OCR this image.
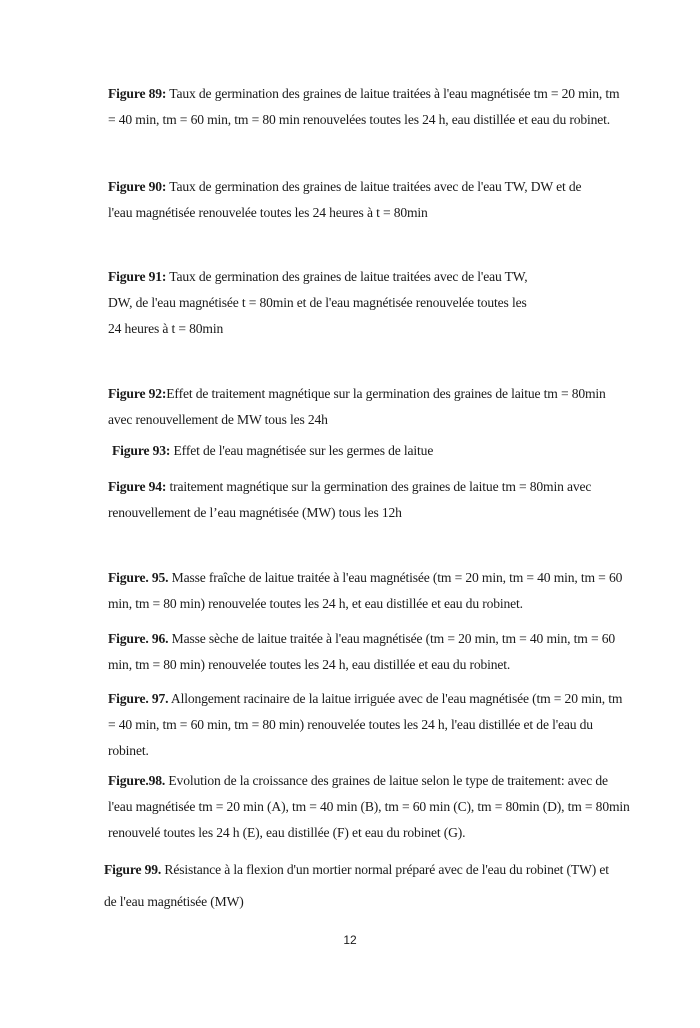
Figure 89: Taux de germination des graines de laitue traitées à l'eau magnétisée tm = 20 min, tm
= 40 min, tm = 60 min, tm = 80 min renouvelées toutes les 24 h, eau distillée et eau du robinet.

Figure 90: Taux de germination des graines de laitue traitées avec de l'eau TW, DW et de
l'eau magnétisée renouvelée toutes les 24 heures à t = 80min

Figure 91: Taux de germination des graines de laitue traitées avec de l'eau TW,
DW, de l'eau magnétisée t = 80min et de l'eau magnétisée renouvelée toutes les
24 heures à t = 80min

Figure 92:Effet de traitement magnétique sur la germination des graines de laitue tm = 80min
avec renouvellement de MW tous les 24h

Figure 93: Effet de l'eau magnétisée sur les germes de laitue

Figure 94: traitement magnétique sur la germination des graines de laitue tm = 80min avec
renouvellement de l’eau magnétisée (MW) tous les 12h

Figure. 95. Masse fraîche de laitue traitée à l'eau magnétisée (tm = 20 min, tm = 40 min, tm = 60
min, tm = 80 min) renouvelée toutes les 24 h, et eau distillée et eau du robinet.

Figure. 96. Masse sèche de laitue traitée à l'eau magnétisée (tm = 20 min, tm = 40 min, tm = 60
min, tm = 80 min) renouvelée toutes les 24 h, eau distillée et eau du robinet.

Figure. 97. Allongement racinaire de la laitue irriguée avec de l'eau magnétisée (tm = 20 min, tm
= 40 min, tm = 60 min, tm = 80 min) renouvelée toutes les 24 h, l'eau distillée et de l'eau du
robinet.

Figure.98. Evolution de la croissance des graines de laitue selon le type de traitement: avec de
l'eau magnétisée tm = 20 min (A), tm = 40 min (B), tm = 60 min (C), tm = 80min (D), tm = 80min
renouvelé toutes les 24 h (E), eau distillée (F) et eau du robinet (G).

Figure 99. Résistance à la flexion d'un mortier normal préparé avec de l'eau du robinet (TW) et
de l'eau magnétisée (MW)

12
